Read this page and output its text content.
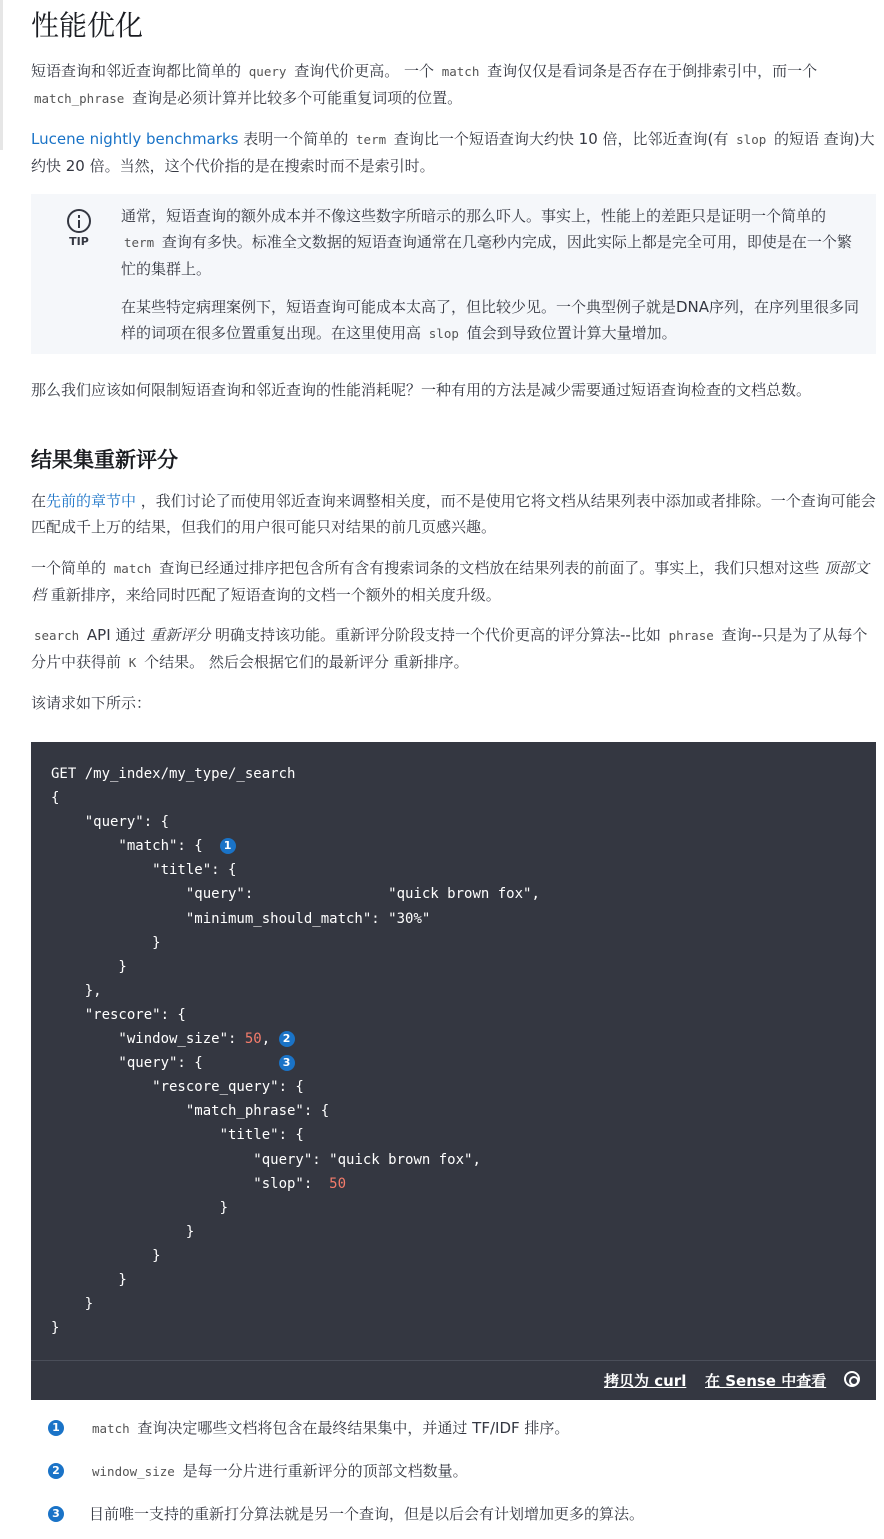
性能优化

短语查询和邻近查询都比简单的 query 查询代价更高。 一个 match 查询仅仅是看词条是否存在于倒排索引中，而一个 match_phrase 查询是必须计算并比较多个可能重复词项的位置。

Lucene nightly benchmarks 表明一个简单的 term 查询比一个短语查询大约快 10 倍，比邻近查询(有 slop 的短语 查询)大约快 20 倍。当然，这个代价指的是在搜索时而不是索引时。

TIP

通常，短语查询的额外成本并不像这些数字所暗示的那么吓人。事实上，性能上的差距只是证明一个简单的 term 查询有多快。标准全文数据的短语查询通常在几毫秒内完成，因此实际上都是完全可用，即使是在一个繁忙的集群上。

在某些特定病理案例下，短语查询可能成本太高了，但比较少见。一个典型例子就是DNA序列，在序列里很多同样的词项在很多位置重复出现。在这里使用高 slop 值会到导致位置计算大量增加。

那么我们应该如何限制短语查询和邻近查询的性能消耗呢？一种有用的方法是减少需要通过短语查询检查的文档总数。

结果集重新评分

在先前的章节中 ，我们讨论了而使用邻近查询来调整相关度，而不是使用它将文档从结果列表中添加或者排除。一个查询可能会匹配成千上万的结果，但我们的用户很可能只对结果的前几页感兴趣。

一个简单的 match 查询已经通过排序把包含所有含有搜索词条的文档放在结果列表的前面了。事实上，我们只想对这些 顶部文档 重新排序，来给同时匹配了短语查询的文档一个额外的相关度升级。

search API 通过 重新评分 明确支持该功能。重新评分阶段支持一个代价更高的评分算法--比如 phrase 查询--只是为了从每个分片中获得前 K 个结果。 然后会根据它们的最新评分 重新排序。

该请求如下所示：

GET /my_index/my_type/_search
{
"query": {
"match": {  1
"title": {
"query":                "quick brown fox",
"minimum_should_match": "30%"
}
}
},
"rescore": {
"window_size": 50, 2
"query": {         3
"rescore_query": {
"match_phrase": {
"title": {
"query": "quick brown fox",
"slop":  50
}
}
}
}
}
}
拷贝为 curl 在 Sense 中查看
1	match 查询决定哪些文档将包含在最终结果集中，并通过 TF/IDF 排序。
2	window_size 是每一分片进行重新评分的顶部文档数量。
3 目前唯一支持的重新打分算法就是另一个查询，但是以后会有计划增加更多的算法。
